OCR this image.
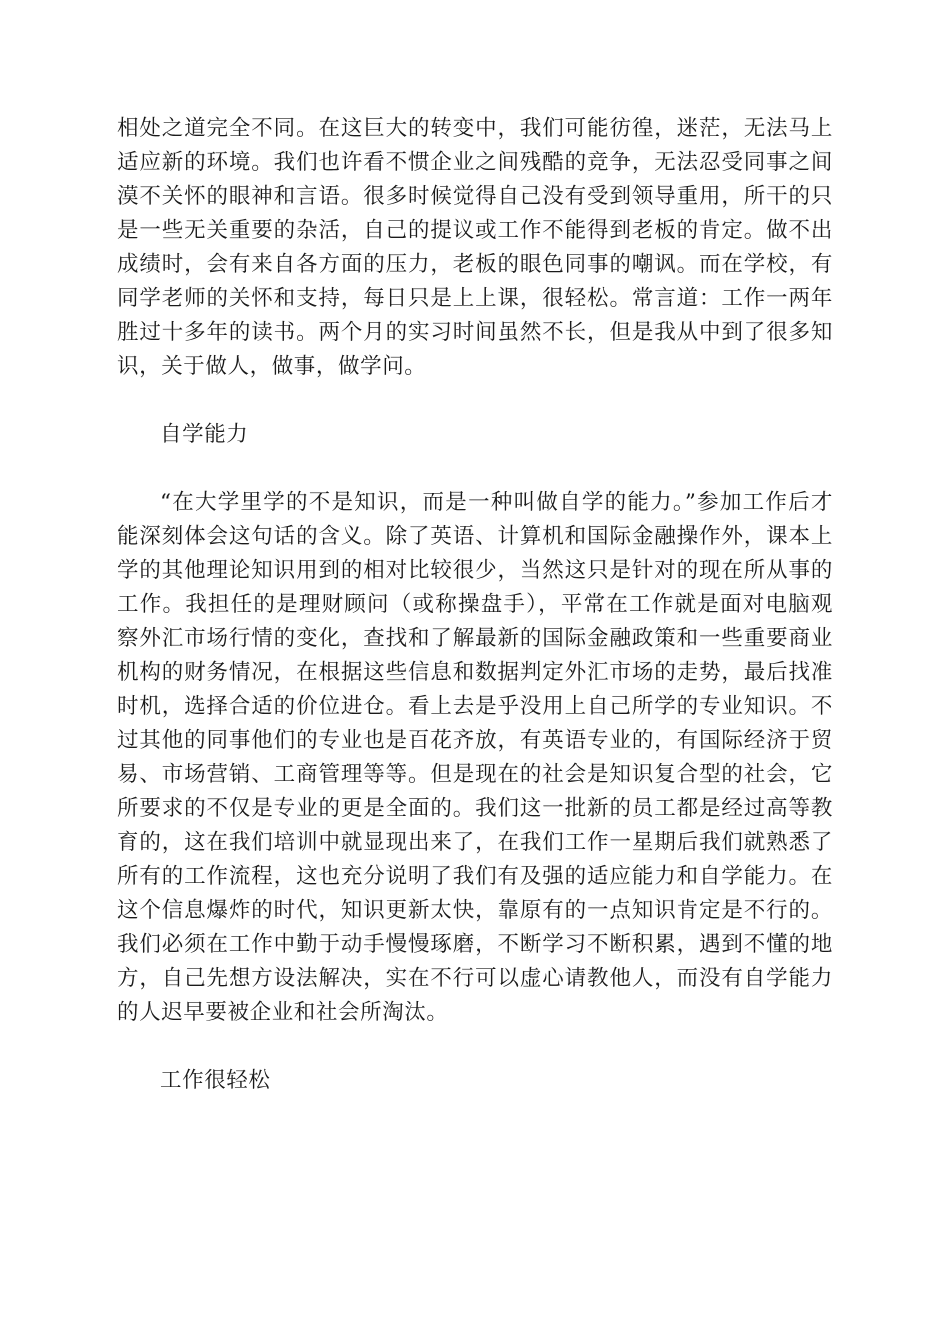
相处之道完全不同。在这巨大的转变中，我们可能彷徨，迷茫，无法马上适应新的环境。我们也许看不惯企业之间残酷的竞争，无法忍受同事之间漠不关怀的眼神和言语。很多时候觉得自己没有受到领导重用，所干的只是一些无关重要的杂活，自己的提议或工作不能得到老板的肯定。做不出成绩时，会有来自各方面的压力，老板的眼色同事的嘲讽。而在学校，有同学老师的关怀和支持，每日只是上上课，很轻松。常言道：工作一两年胜过十多年的读书。两个月的实习时间虽然不长，但是我从中到了很多知识，关于做人，做事，做学问。

自学能力

“在大学里学的不是知识，而是一种叫做自学的能力。”参加工作后才能深刻体会这句话的含义。除了英语、计算机和国际金融操作外，课本上学的其他理论知识用到的相对比较很少，当然这只是针对的现在所从事的工作。我担任的是理财顾问（或称操盘手），平常在工作就是面对电脑观察外汇市场行情的变化，查找和了解最新的国际金融政策和一些重要商业机构的财务情况，在根据这些信息和数据判定外汇市场的走势，最后找准时机，选择合适的价位进仓。看上去是乎没用上自己所学的专业知识。不过其他的同事他们的专业也是百花齐放，有英语专业的，有国际经济于贸易、市场营销、工商管理等等。但是现在的社会是知识复合型的社会，它所要求的不仅是专业的更是全面的。我们这一批新的员工都是经过高等教育的，这在我们培训中就显现出来了，在我们工作一星期后我们就熟悉了所有的工作流程，这也充分说明了我们有及强的适应能力和自学能力。在这个信息爆炸的时代，知识更新太快，靠原有的一点知识肯定是不行的。我们必须在工作中勤于动手慢慢琢磨，不断学习不断积累，遇到不懂的地方，自己先想方设法解决，实在不行可以虚心请教他人，而没有自学能力的人迟早要被企业和社会所淘汰。

工作很轻松
